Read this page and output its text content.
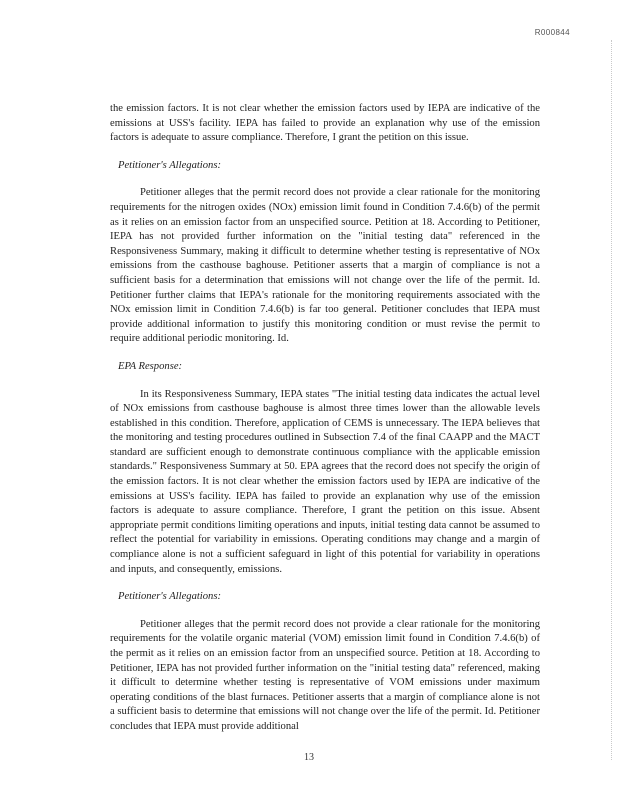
R000844

the emission factors. It is not clear whether the emission factors used by IEPA are indicative of the emissions at USS's facility. IEPA has failed to provide an explanation why use of the emission factors is adequate to assure compliance. Therefore, I grant the petition on this issue.

Petitioner's Allegations:

Petitioner alleges that the permit record does not provide a clear rationale for the monitoring requirements for the nitrogen oxides (NOx) emission limit found in Condition 7.4.6(b) of the permit as it relies on an emission factor from an unspecified source. Petition at 18. According to Petitioner, IEPA has not provided further information on the "initial testing data" referenced in the Responsiveness Summary, making it difficult to determine whether testing is representative of NOx emissions from the casthouse baghouse. Petitioner asserts that a margin of compliance is not a sufficient basis for a determination that emissions will not change over the life of the permit. Id. Petitioner further claims that IEPA's rationale for the monitoring requirements associated with the NOx emission limit in Condition 7.4.6(b) is far too general. Petitioner concludes that IEPA must provide additional information to justify this monitoring condition or must revise the permit to require additional periodic monitoring. Id.

EPA Response:

In its Responsiveness Summary, IEPA states "The initial testing data indicates the actual level of NOx emissions from casthouse baghouse is almost three times lower than the allowable levels established in this condition. Therefore, application of CEMS is unnecessary. The IEPA believes that the monitoring and testing procedures outlined in Subsection 7.4 of the final CAAPP and the MACT standard are sufficient enough to demonstrate continuous compliance with the applicable emission standards." Responsiveness Summary at 50. EPA agrees that the record does not specify the origin of the emission factors. It is not clear whether the emission factors used by IEPA are indicative of the emissions at USS's facility. IEPA has failed to provide an explanation why use of the emission factors is adequate to assure compliance. Therefore, I grant the petition on this issue. Absent appropriate permit conditions limiting operations and inputs, initial testing data cannot be assumed to reflect the potential for variability in emissions. Operating conditions may change and a margin of compliance alone is not a sufficient safeguard in light of this potential for variability in operations and inputs, and consequently, emissions.

Petitioner's Allegations:

Petitioner alleges that the permit record does not provide a clear rationale for the monitoring requirements for the volatile organic material (VOM) emission limit found in Condition 7.4.6(b) of the permit as it relies on an emission factor from an unspecified source. Petition at 18. According to Petitioner, IEPA has not provided further information on the "initial testing data" referenced, making it difficult to determine whether testing is representative of VOM emissions under maximum operating conditions of the blast furnaces. Petitioner asserts that a margin of compliance alone is not a sufficient basis to determine that emissions will not change over the life of the permit. Id. Petitioner concludes that IEPA must provide additional

13
